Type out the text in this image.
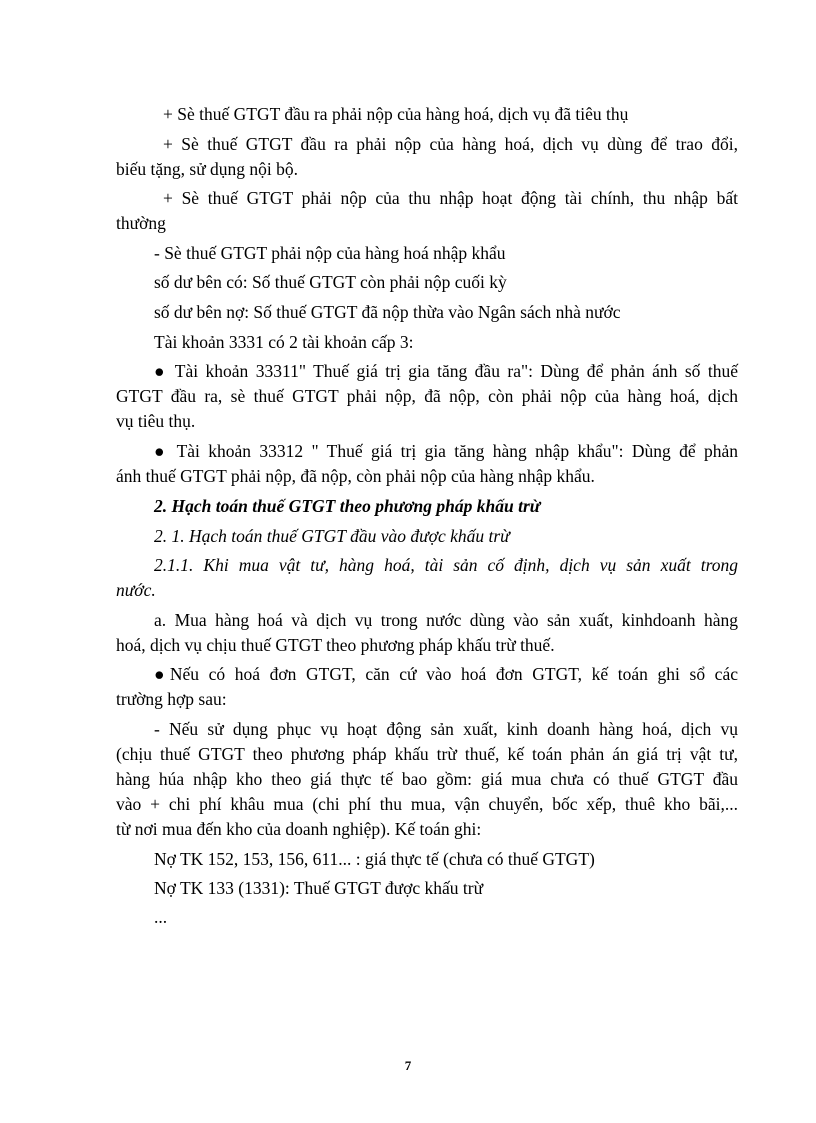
+ Sè thuế GTGT đầu ra phải nộp của hàng hoá, dịch vụ đã tiêu thụ
+ Sè thuế GTGT đầu ra phải nộp của hàng hoá, dịch vụ dùng để trao đổi,
biếu tặng, sử dụng nội bộ.
+ Sè thuế GTGT phải nộp của thu nhập hoạt động tài chính, thu nhập bất
thường
- Sè thuế GTGT phải nộp của hàng hoá nhập khẩu
số dư bên có: Số thuế GTGT còn phải nộp cuối kỳ
số dư bên nợ: Số thuế GTGT đã nộp thừa vào Ngân sách nhà nước
Tài khoản 3331 có 2 tài khoản cấp 3:
● Tài khoản 33311" Thuế giá trị gia tăng đầu ra": Dùng để phản ánh số thuế
GTGT đầu ra, sè thuế GTGT phải nộp, đã nộp, còn phải nộp của hàng hoá, dịch
vụ tiêu thụ.
● Tài khoản 33312 " Thuế giá trị gia tăng hàng nhập khẩu": Dùng để phản
ánh thuế GTGT phải nộp, đã nộp, còn phải nộp của hàng nhập khẩu.
2. Hạch toán thuế GTGT theo phương pháp khấu trừ
2. 1. Hạch toán thuế GTGT đầu vào được khấu trừ
2.1.1. Khi mua vật tư, hàng hoá, tài sản cố định, dịch vụ sản xuất trong
nước.
a. Mua hàng hoá và dịch vụ trong nước dùng vào sản xuất, kinhdoanh hàng
hoá, dịch vụ chịu thuế GTGT theo phương pháp khấu trừ thuế.
●Nếu có hoá đơn GTGT, căn cứ vào hoá đơn GTGT, kế toán ghi sổ các
trường hợp sau:
- Nếu sử dụng phục vụ hoạt động sản xuất, kinh doanh hàng hoá, dịch vụ
(chịu thuế GTGT theo phương pháp khấu trừ thuế, kế toán phản án giá trị vật tư,
hàng húa nhập kho theo giá thực tế bao gồm: giá mua chưa có thuế GTGT đầu
vào + chi phí khâu mua (chi phí thu mua, vận chuyển, bốc xếp, thuê kho bãi,...
từ nơi mua đến kho của doanh nghiệp). Kế toán ghi:
Nợ TK 152, 153, 156, 611... : giá thực tế (chưa có thuế GTGT)
Nợ TK 133 (1331): Thuế GTGT được khấu trừ
...
7
